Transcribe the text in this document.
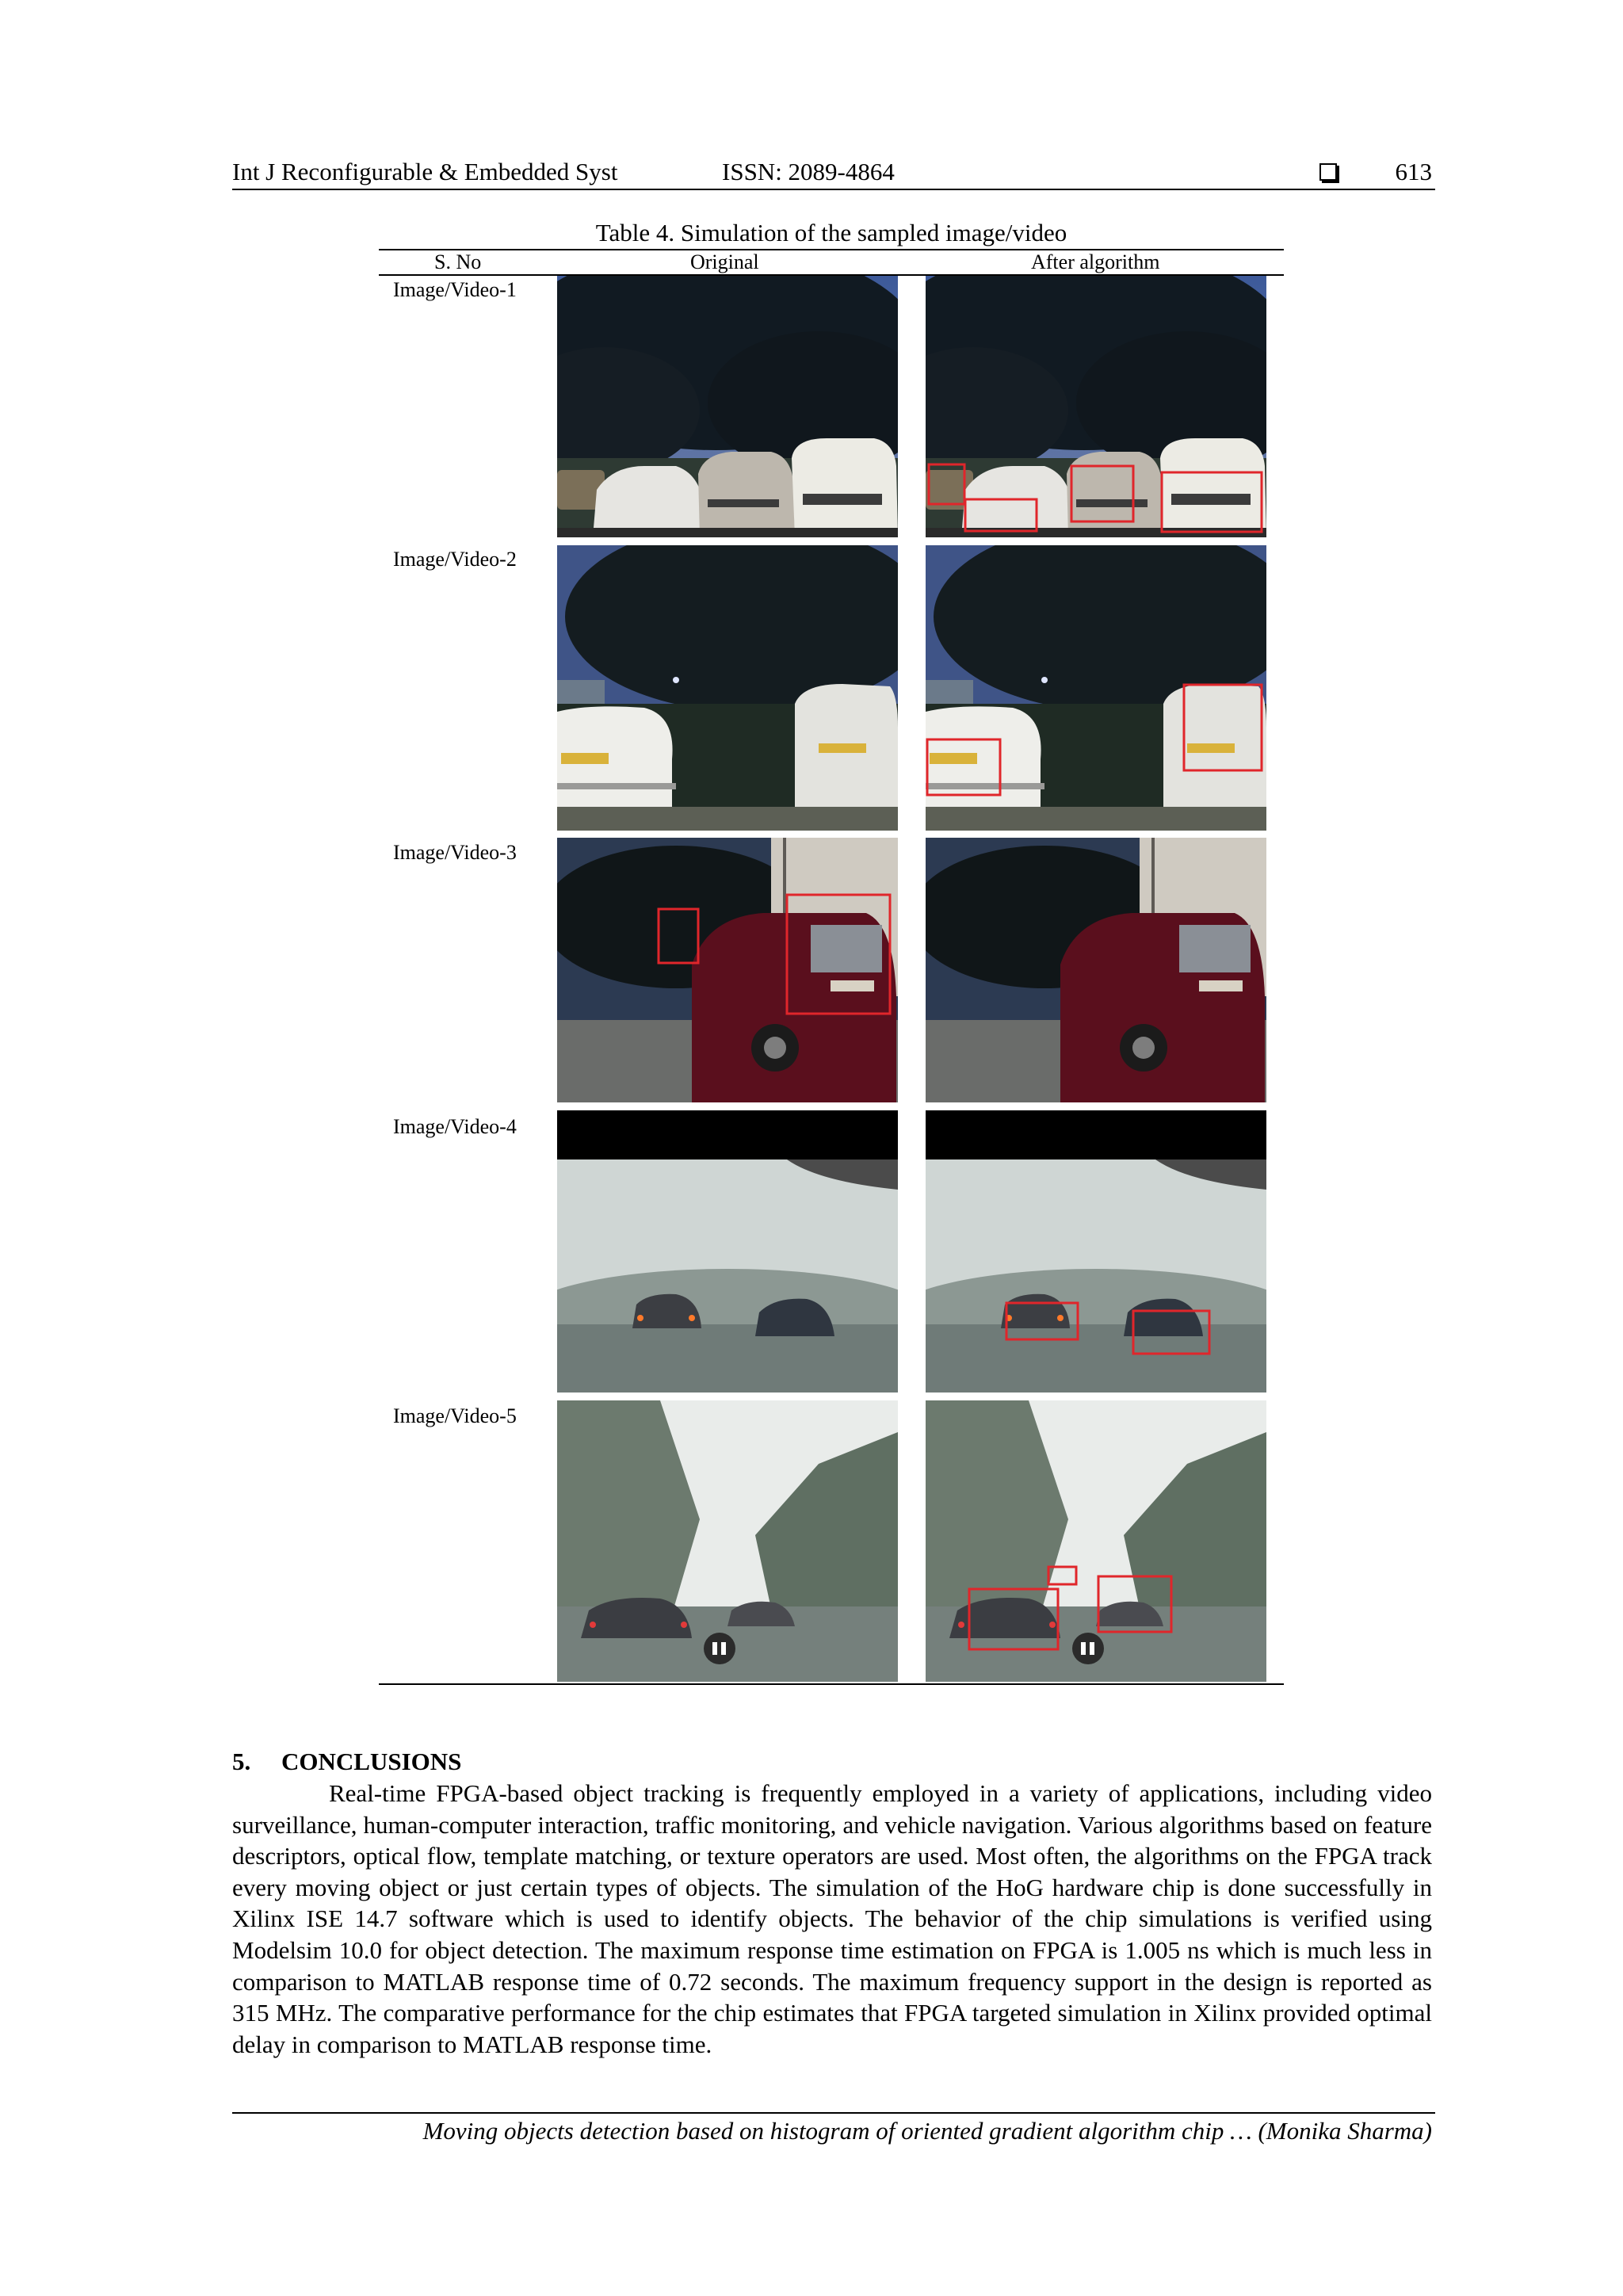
Int J Reconfigurable & Embedded Syst	ISSN: 2089-4864	613
Table 4. Simulation of the sampled image/video
S. No	Original	After algorithm
Image/Video-1
Image/Video-2
Image/Video-3
Image/Video-4
Image/Video-5
5. CONCLUSIONS
Real-time FPGA-based object tracking is frequently employed in a variety of applications, including video surveillance, human-computer interaction, traffic monitoring, and vehicle navigation. Various algorithms based on feature descriptors, optical flow, template matching, or texture operators are used. Most often, the algorithms on the FPGA track every moving object or just certain types of objects. The simulation of the HoG hardware chip is done successfully in Xilinx ISE 14.7 software which is used to identify objects. The behavior of the chip simulations is verified using Modelsim 10.0 for object detection. The maximum response time estimation on FPGA is 1.005 ns which is much less in comparison to MATLAB response time of 0.72 seconds. The maximum frequency support in the design is reported as 315 MHz. The comparative performance for the chip estimates that FPGA targeted simulation in Xilinx provided optimal delay in comparison to MATLAB response time.
Moving objects detection based on histogram of oriented gradient algorithm chip … (Monika Sharma)
